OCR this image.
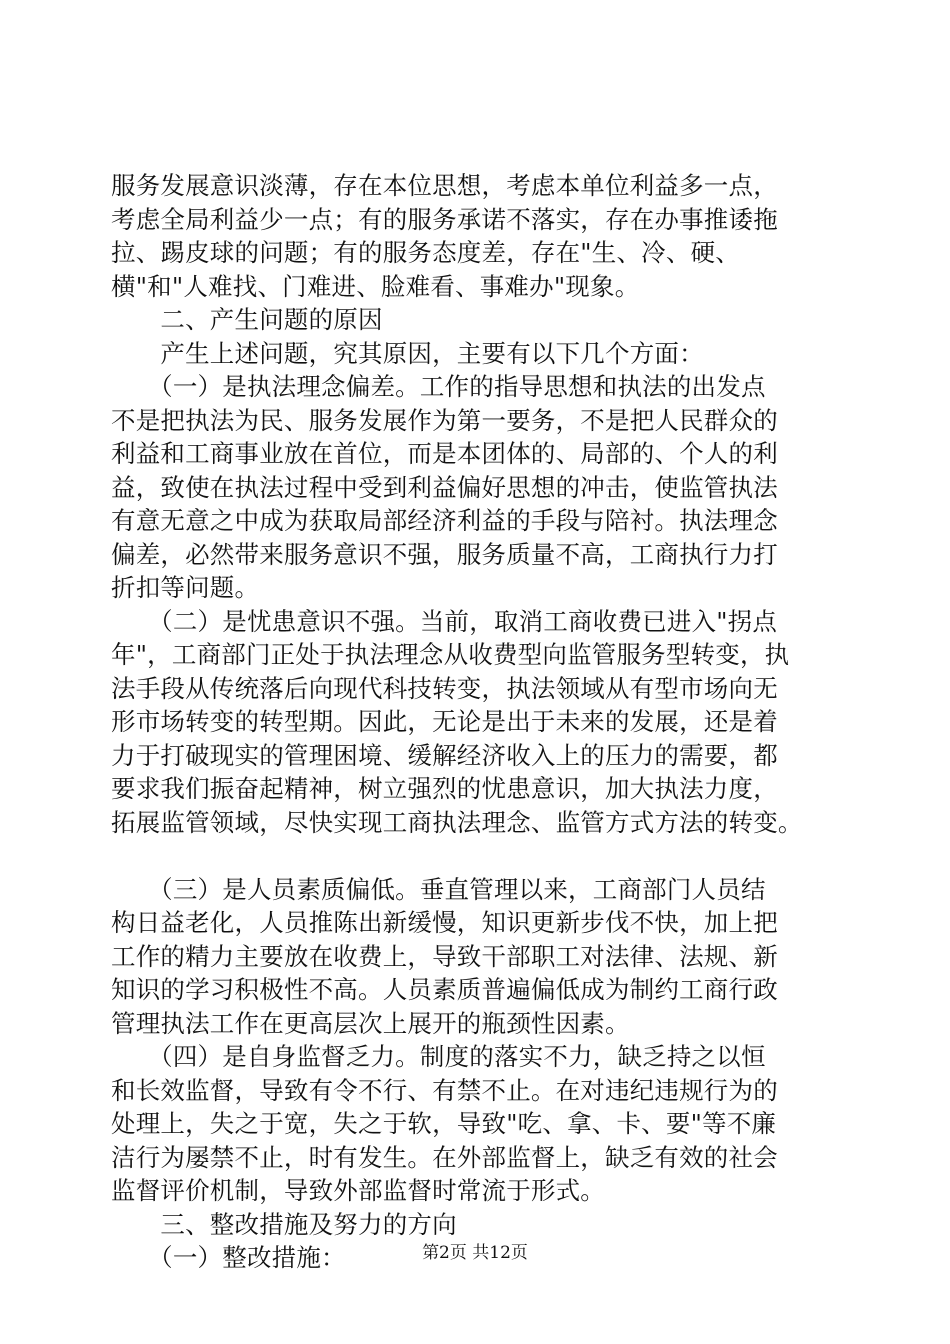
服务发展意识淡薄，存在本位思想，考虑本单位利益多一点，
考虑全局利益少一点；有的服务承诺不落实，存在办事推诿拖
拉、踢皮球的问题；有的服务态度差，存在"生、冷、硬、
横"和"人难找、门难进、脸难看、事难办"现象。
　　二、产生问题的原因
　　产生上述问题，究其原因，主要有以下几个方面：
　　（一）是执法理念偏差。工作的指导思想和执法的出发点
不是把执法为民、服务发展作为第一要务，不是把人民群众的
利益和工商事业放在首位，而是本团体的、局部的、个人的利
益，致使在执法过程中受到利益偏好思想的冲击，使监管执法
有意无意之中成为获取局部经济利益的手段与陪衬。执法理念
偏差，必然带来服务意识不强，服务质量不高，工商执行力打
折扣等问题。
　　（二）是忧患意识不强。当前，取消工商收费已进入"拐点
年"，工商部门正处于执法理念从收费型向监管服务型转变，执
法手段从传统落后向现代科技转变，执法领域从有型市场向无
形市场转变的转型期。因此，无论是出于未来的发展，还是着
力于打破现实的管理困境、缓解经济收入上的压力的需要，都
要求我们振奋起精神，树立强烈的忧患意识，加大执法力度，
拓展监管领域，尽快实现工商执法理念、监管方式方法的转变。
　　（三）是人员素质偏低。垂直管理以来，工商部门人员结
构日益老化，人员推陈出新缓慢，知识更新步伐不快，加上把
工作的精力主要放在收费上，导致干部职工对法律、法规、新
知识的学习积极性不高。人员素质普遍偏低成为制约工商行政
管理执法工作在更高层次上展开的瓶颈性因素。
　　（四）是自身监督乏力。制度的落实不力，缺乏持之以恒
和长效监督，导致有令不行、有禁不止。在对违纪违规行为的
处理上，失之于宽，失之于软，导致"吃、拿、卡、要"等不廉
洁行为屡禁不止，时有发生。在外部监督上，缺乏有效的社会
监督评价机制，导致外部监督时常流于形式。
　　三、整改措施及努力的方向
　　（一）整改措施：	第2页 共12页
